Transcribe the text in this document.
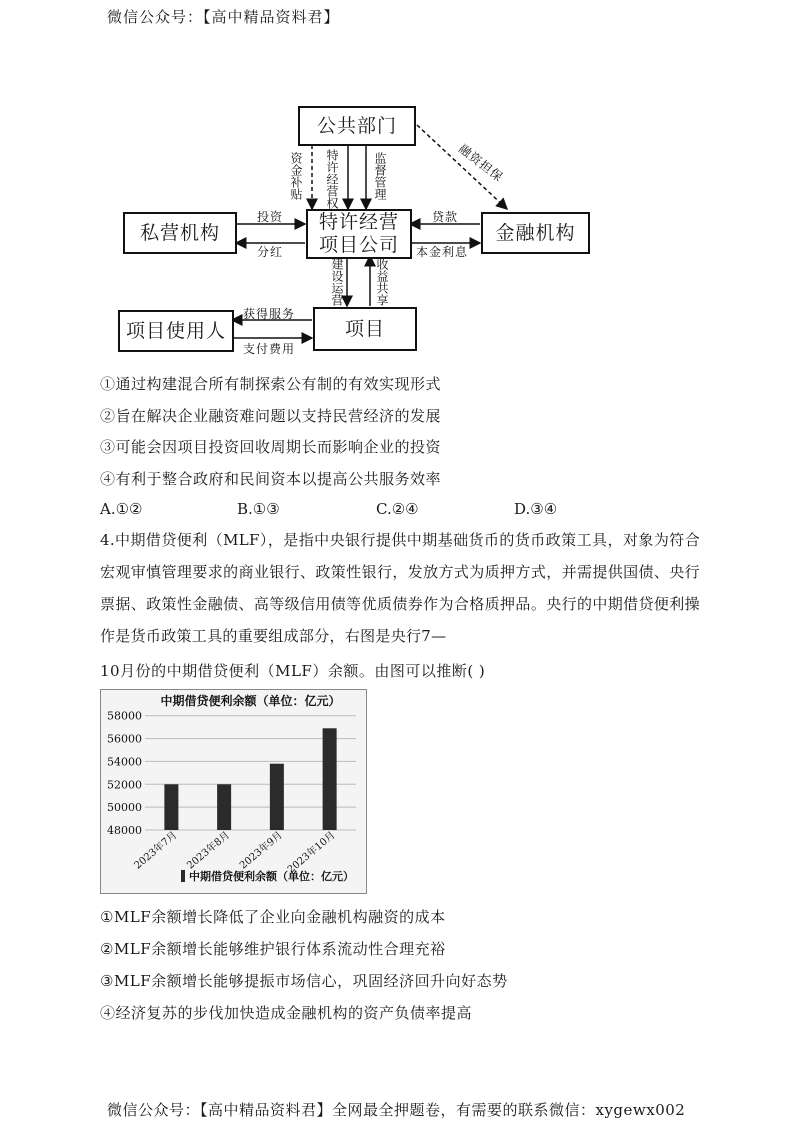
微信公众号：【高中精品资料君】
公共部门
私营机构	特许经营
项目公司
金融机构
项目使用人	项目
资金补贴 特许经营权	监督管理	融资担保
投资
分红
贷款
本金利息
建设运营	收益共享
获得服务
支付费用
①通过构建混合所有制探索公有制的有效实现形式
②旨在解决企业融资难问题以支持民营经济的发展
③可能会因项目投资回收周期长而影响企业的投资
④有利于整合政府和民间资本以提高公共服务效率
A.①②	B.①③	C.②④	D.③④
4.中期借贷便利（MLF），是指中央银行提供中期基础货币的货币政策工具，对象为符合宏观审慎管理要求的商业银行、政策性银行，发放方式为质押方式，并需提供国债、央行票据、政策性金融债、高等级信用债等优质债券作为合格质押品。央行的中期借贷便利操作是货币政策工具的重要组成部分，右图是央行7—
10月份的中期借贷便利（MLF）余额。由图可以推断( )
中期借贷便利余额（单位：亿元）
48000
50000
52000
54000
56000
58000
2023年7月 2023年8月 2023年9月 2023年10月
中期借贷便利余额（单位：亿元）
①MLF余额增长降低了企业向金融机构融资的成本
②MLF余额增长能够维护银行体系流动性合理充裕
③MLF余额增长能够提振市场信心，巩固经济回升向好态势
④经济复苏的步伐加快造成金融机构的资产负债率提高
微信公众号：【高中精品资料君】全网最全押题卷，有需要的联系微信：xygewx002
